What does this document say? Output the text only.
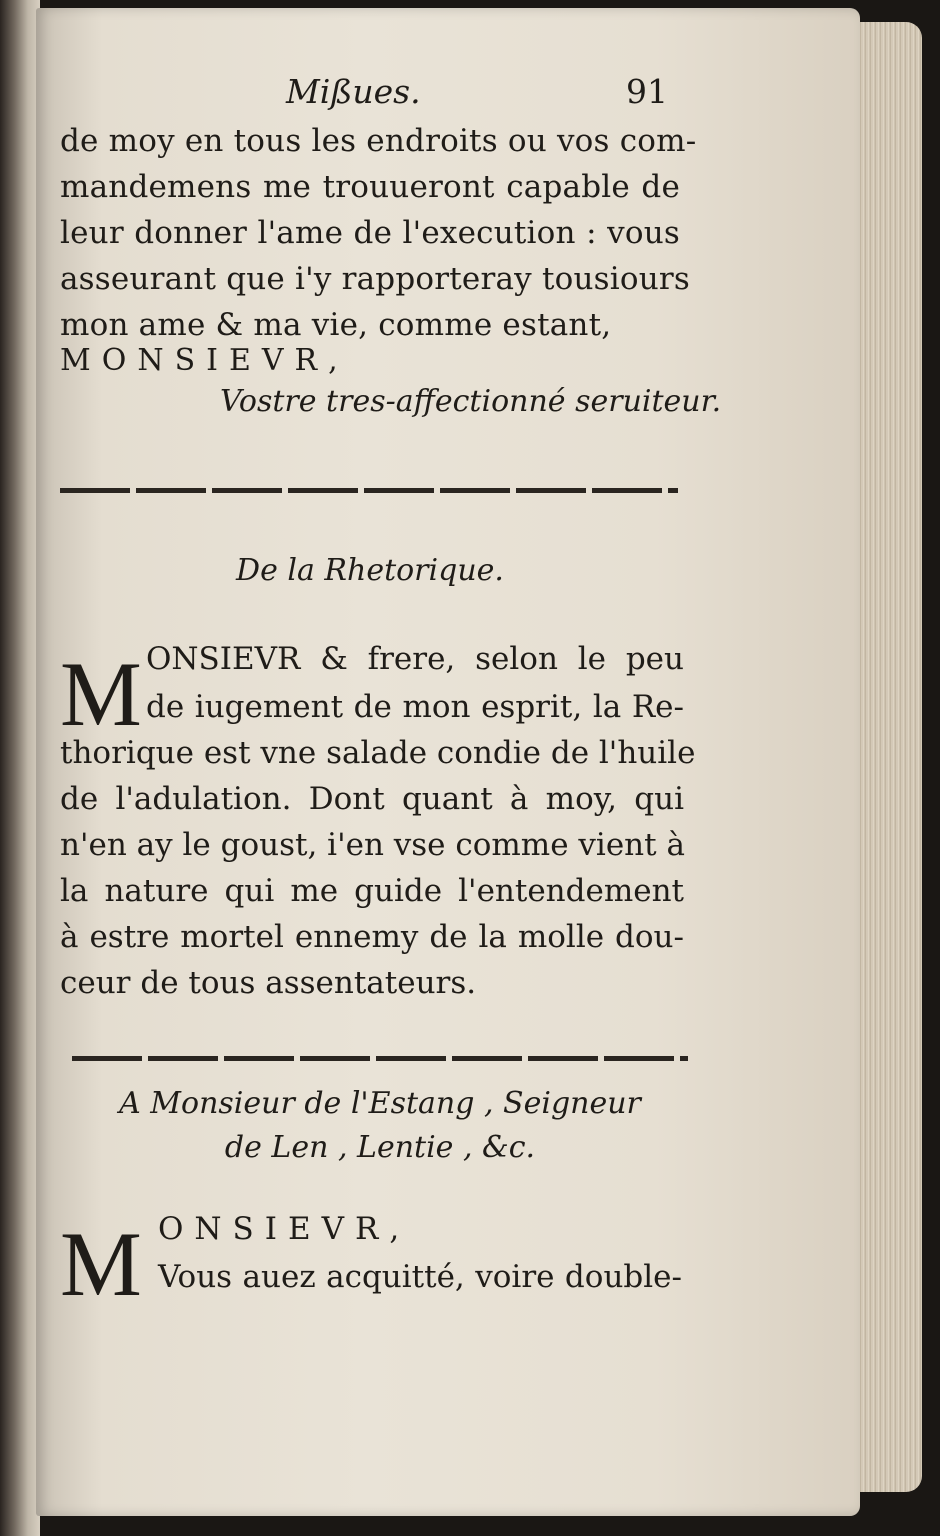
Mißues.	91
de moy en tous les endroits ou vos com-
mandemens me trouueront capable de
leur donner l'ame de l'execution : vous
asseurant que i'y rapporteray tousiours
mon ame & ma vie, comme estant,
MONSIEVR,
Vostre tres-affectionné seruiteur.
De la Rhetorique.
M ONSIEVR & frere, selon le peu
de iugement de mon esprit, la Re-
thorique est vne salade condie de l'huile
de l'adulation. Dont quant à moy, qui
n'en ay le goust, i'en vse comme vient à
la nature qui me guide l'entendement
à estre mortel ennemy de la molle dou-
ceur de tous assentateurs.
A Monsieur de l'Estang , Seigneur
de Len , Lentie , &c.
M ONSIEVR,
Vous auez acquitté, voire double-
